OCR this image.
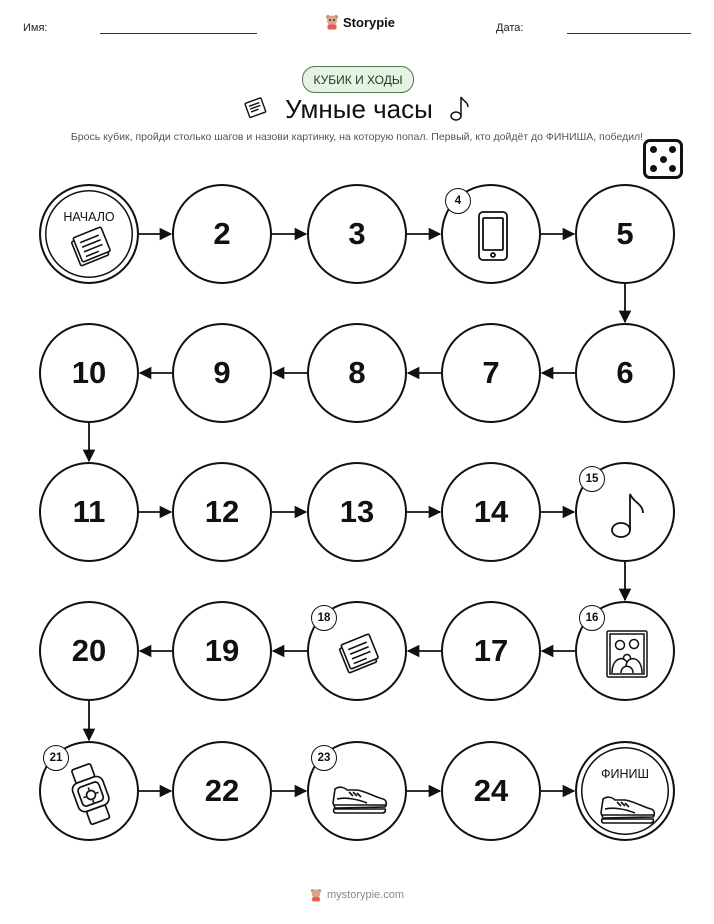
Имя:	Storypie	Дата:
КУБИК И ХОДЫ
Умные часы
Брось кубик, пройди столько шагов и назови картинку, на которую попал. Первый, кто дойдёт до ФИНИША, победил!
НАЧАЛО	2	3
4
5
6
7
8
9
10
11	12	13	14
15
16
17
18
19
20
21
22
23
24	ФИНИШ
mystorypie.com
